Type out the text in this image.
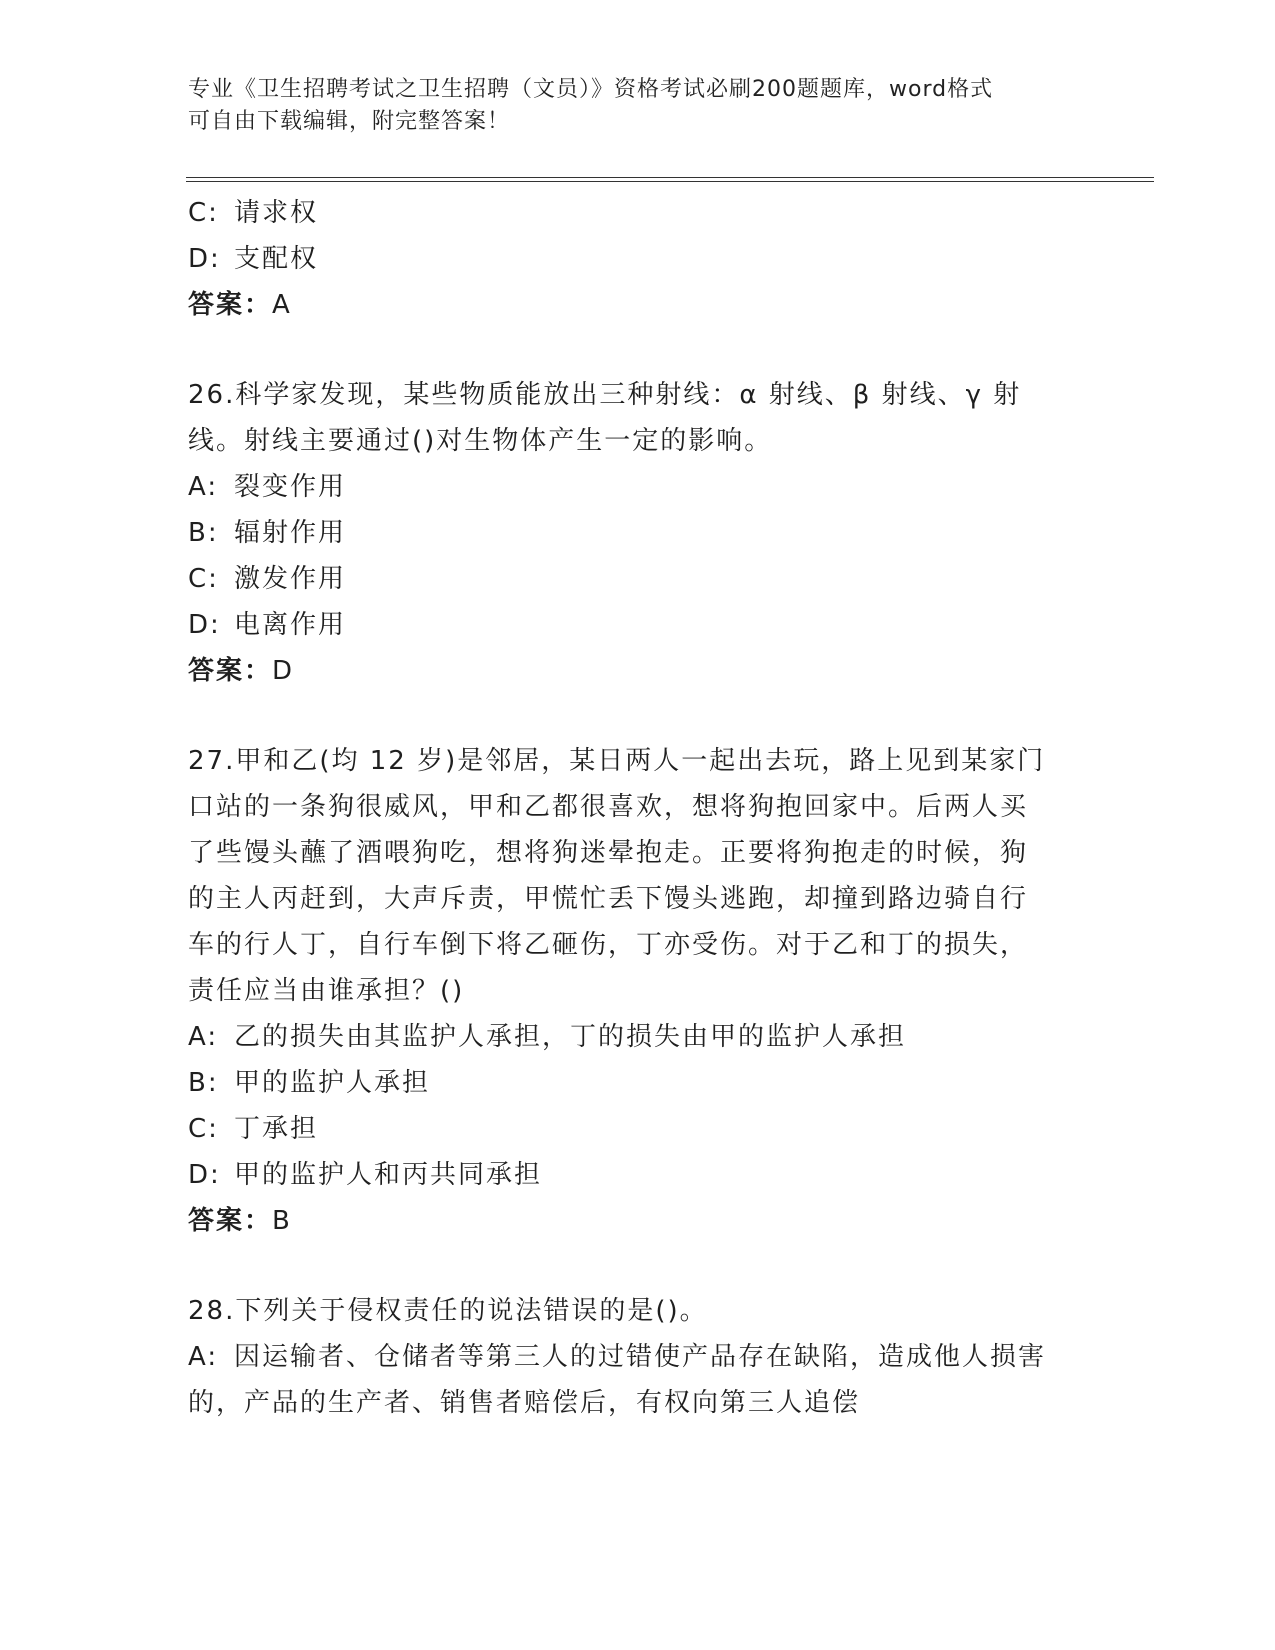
专业《卫生招聘考试之卫生招聘（文员）》资格考试必刷200题题库，word格式
可自由下载编辑，附完整答案！
C: 请求权
D: 支配权
答案：A
26.科学家发现，某些物质能放出三种射线：α 射线、β 射线、γ 射
线。射线主要通过()对生物体产生一定的影响。
A: 裂变作用
B: 辐射作用
C: 激发作用
D: 电离作用
答案：D
27.甲和乙(均 12 岁)是邻居，某日两人一起出去玩，路上见到某家门
口站的一条狗很威风，甲和乙都很喜欢，想将狗抱回家中。后两人买
了些馒头蘸了酒喂狗吃，想将狗迷晕抱走。正要将狗抱走的时候，狗
的主人丙赶到，大声斥责，甲慌忙丢下馒头逃跑，却撞到路边骑自行
车的行人丁，自行车倒下将乙砸伤，丁亦受伤。对于乙和丁的损失，
责任应当由谁承担？()
A: 乙的损失由其监护人承担，丁的损失由甲的监护人承担
B: 甲的监护人承担
C: 丁承担
D: 甲的监护人和丙共同承担
答案：B
28.下列关于侵权责任的说法错误的是()。
A: 因运输者、仓储者等第三人的过错使产品存在缺陷，造成他人损害
的，产品的生产者、销售者赔偿后，有权向第三人追偿
